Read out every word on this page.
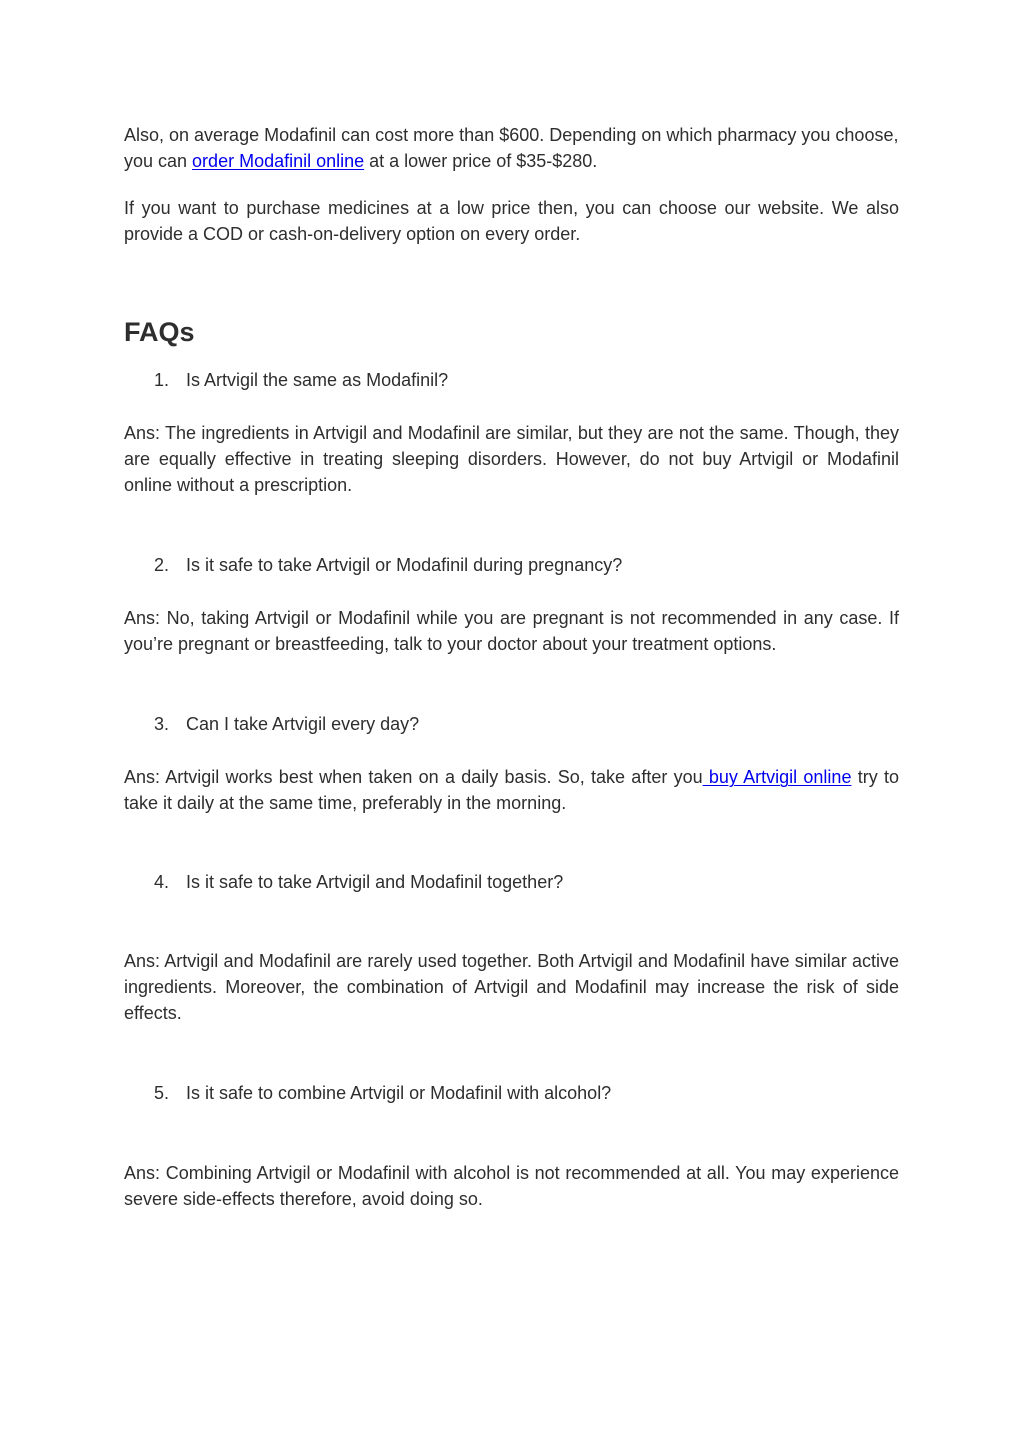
Also, on average Modafinil can cost more than $600. Depending on which pharmacy you choose, you can order Modafinil online at a lower price of $35-$280.

If you want to purchase medicines at a low price then, you can choose our website. We also provide a COD or cash-on-delivery option on every order.

FAQs
1. Is Artvigil the same as Modafinil?

Ans: The ingredients in Artvigil and Modafinil are similar, but they are not the same. Though, they are equally effective in treating sleeping disorders. However, do not buy Artvigil or Modafinil online without a prescription.

2. Is it safe to take Artvigil or Modafinil during pregnancy?

Ans: No, taking Artvigil or Modafinil while you are pregnant is not recommended in any case. If you’re pregnant or breastfeeding, talk to your doctor about your treatment options.

3. Can I take Artvigil every day?

Ans: Artvigil works best when taken on a daily basis. So, take after you buy Artvigil online try to take it daily at the same time, preferably in the morning.

4. Is it safe to take Artvigil and Modafinil together?

Ans: Artvigil and Modafinil are rarely used together. Both Artvigil and Modafinil have similar active ingredients. Moreover, the combination of Artvigil and Modafinil may increase the risk of side effects.

5. Is it safe to combine Artvigil or Modafinil with alcohol?

Ans: Combining Artvigil or Modafinil with alcohol is not recommended at all. You may experience severe side-effects therefore, avoid doing so.
